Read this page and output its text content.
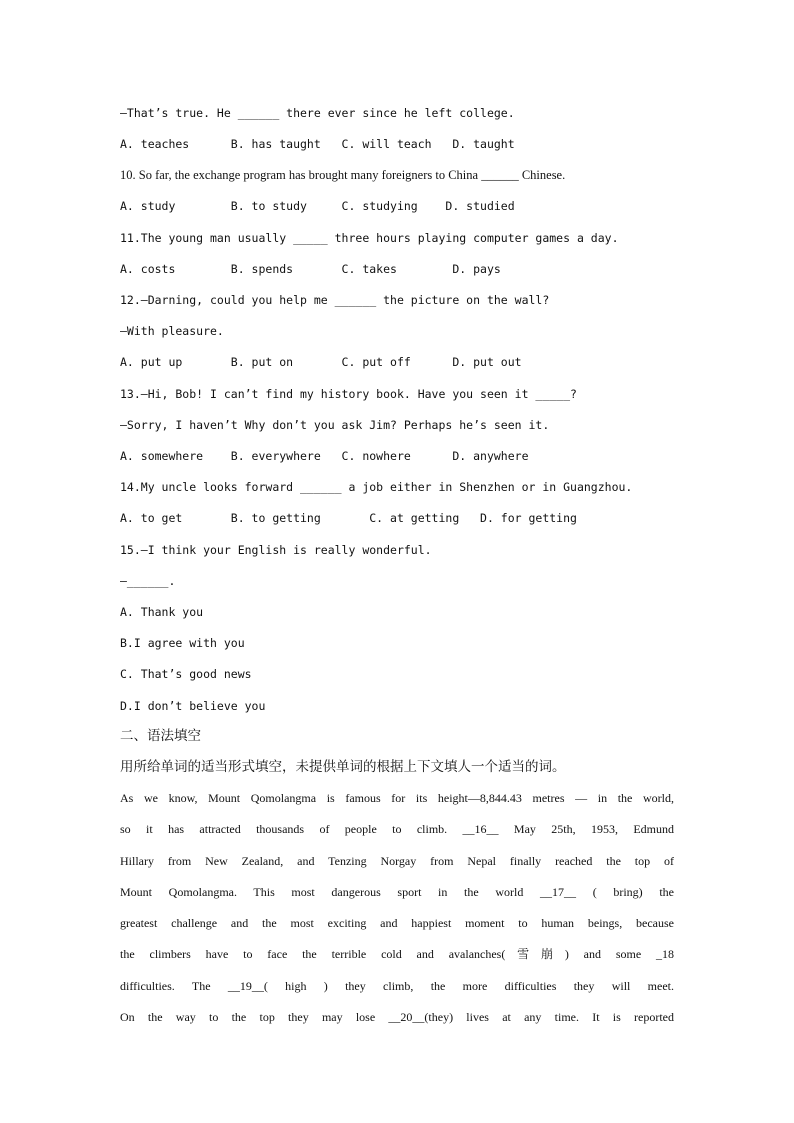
—That’s true. He ______ there ever since he left college.
A. teaches      B. has taught   C. will teach   D. taught
10. So far, the exchange program has brought many foreigners to China ______ Chinese.
A. study        B. to study     C. studying    D. studied
11.The young man usually _____ three hours playing computer games a day.
A. costs        B. spends       C. takes        D. pays
12.—Darning, could you help me ______ the picture on the wall?
—With pleasure.
A. put up       B. put on       C. put off      D. put out
13.—Hi, Bob! I can’t find my history book. Have you seen it _____?
—Sorry, I haven’t Why don’t you ask Jim? Perhaps he’s seen it.
A. somewhere    B. everywhere   C. nowhere      D. anywhere
14.My uncle looks forward ______ a job either in Shenzhen or in Guangzhou.
A. to get       B. to getting       C. at getting   D. for getting
15.—I think your English is really wonderful.
—______.
A. Thank you
B.I agree with you
C. That’s good news
D.I don’t believe you
二、语法填空
用所给单词的适当形式填空，未提供单词的根据上下文填人一个适当的词。
As we know, Mount Qomolangma is famous for its height—8,844.43 metres — in the world,
so it has attracted thousands of people to climb. __16__ May 25th, 1953, Edmund
Hillary from New Zealand, and Tenzing Norgay from Nepal finally reached the top of
Mount Qomolangma. This most dangerous sport in the world __17__ ( bring) the
greatest challenge and the most exciting and happiest moment to human beings, because
the climbers have to face the terrible cold and avalanches(雪崩) and some _18
difficulties. The __19__( high ) they climb, the more difficulties they will meet.
On the way to the top they may lose __20__(they) lives at any time. It is reported
